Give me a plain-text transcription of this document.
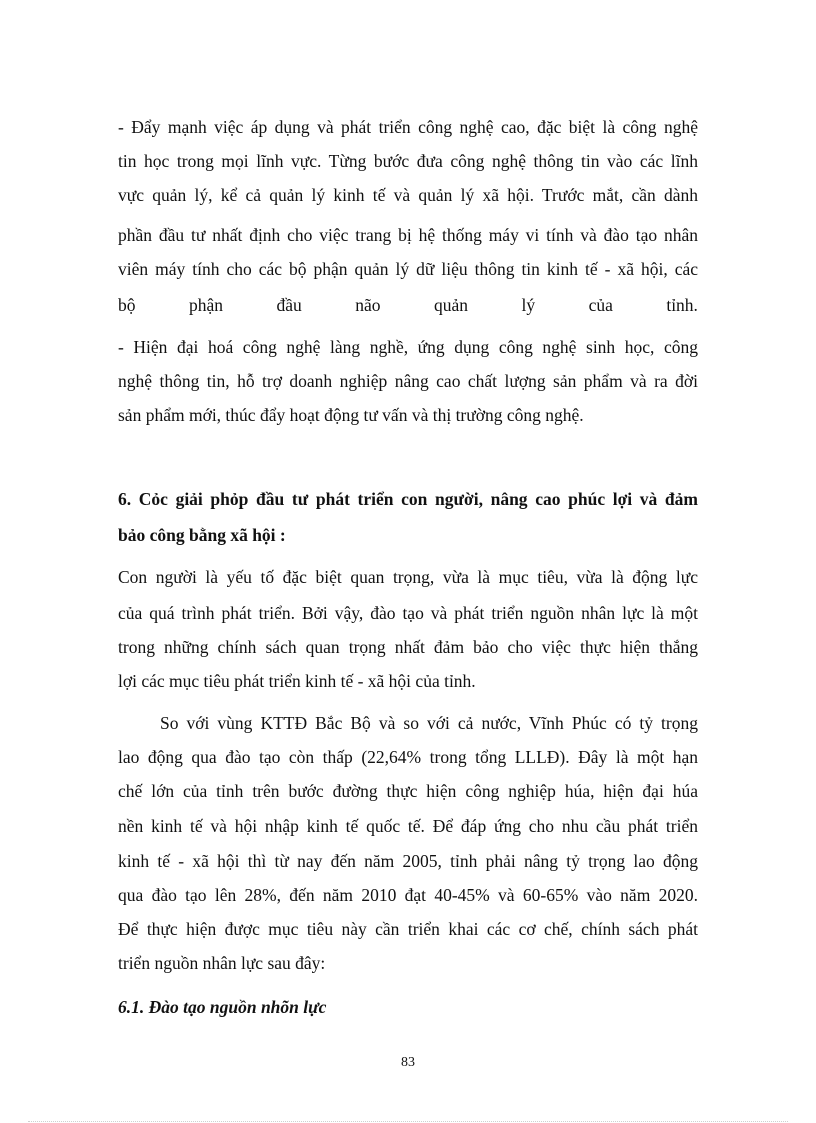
- Đẩy mạnh việc áp dụng và phát triển công nghệ cao, đặc biệt là công nghệ
tin học trong mọi lĩnh vực. Từng bước đưa công nghệ thông tin vào các lĩnh
vực quản lý, kể cả quản lý kinh tế và quản lý xã hội. Trước mắt, cần dành
phần đầu tư nhất định cho việc trang bị hệ thống máy vi tính và đào tạo nhân
viên máy tính cho các bộ phận quản lý dữ liệu thông tin kinh tế - xã hội, các
bộ	phận	đầu	não	quản	lý	của	tỉnh.
- Hiện đại hoá công nghệ làng nghề, ứng dụng công nghệ sinh học, công
nghệ thông tin, hỗ trợ doanh nghiệp nâng cao chất lượng sản phẩm và ra đời
sản phẩm mới, thúc đẩy hoạt động tư vấn và thị trường công nghệ.
6. Cỏc giải phỏp đầu tư phát triển con người, nâng cao phúc lợi và đảm
bảo công bằng xã hội :
Con người là yếu tố đặc biệt quan trọng, vừa là mục tiêu, vừa là động lực
của quá trình phát triển. Bởi vậy, đào tạo và phát triển nguồn nhân lực là một
trong những chính sách quan trọng nhất đảm bảo cho việc thực hiện thắng
lợi các mục tiêu phát triển kinh tế - xã hội của tỉnh.
So với vùng KTTĐ Bắc Bộ và so với cả nước, Vĩnh Phúc có tỷ trọng
lao động qua đào tạo còn thấp (22,64% trong tổng LLLĐ). Đây là một hạn
chế lớn của tỉnh trên bước đường thực hiện công nghiệp húa, hiện đại húa
nền kinh tế và hội nhập kinh tế quốc tế. Để đáp ứng cho nhu cầu phát triển
kinh tế - xã hội thì từ nay đến năm 2005, tỉnh phải nâng tỷ trọng lao động
qua đào tạo lên 28%, đến năm 2010 đạt 40-45% và 60-65% vào năm 2020.
Để thực hiện được mục tiêu này cần triển khai các cơ chế, chính sách phát
triển nguồn nhân lực sau đây:
6.1. Đào tạo nguồn nhõn lực
83
